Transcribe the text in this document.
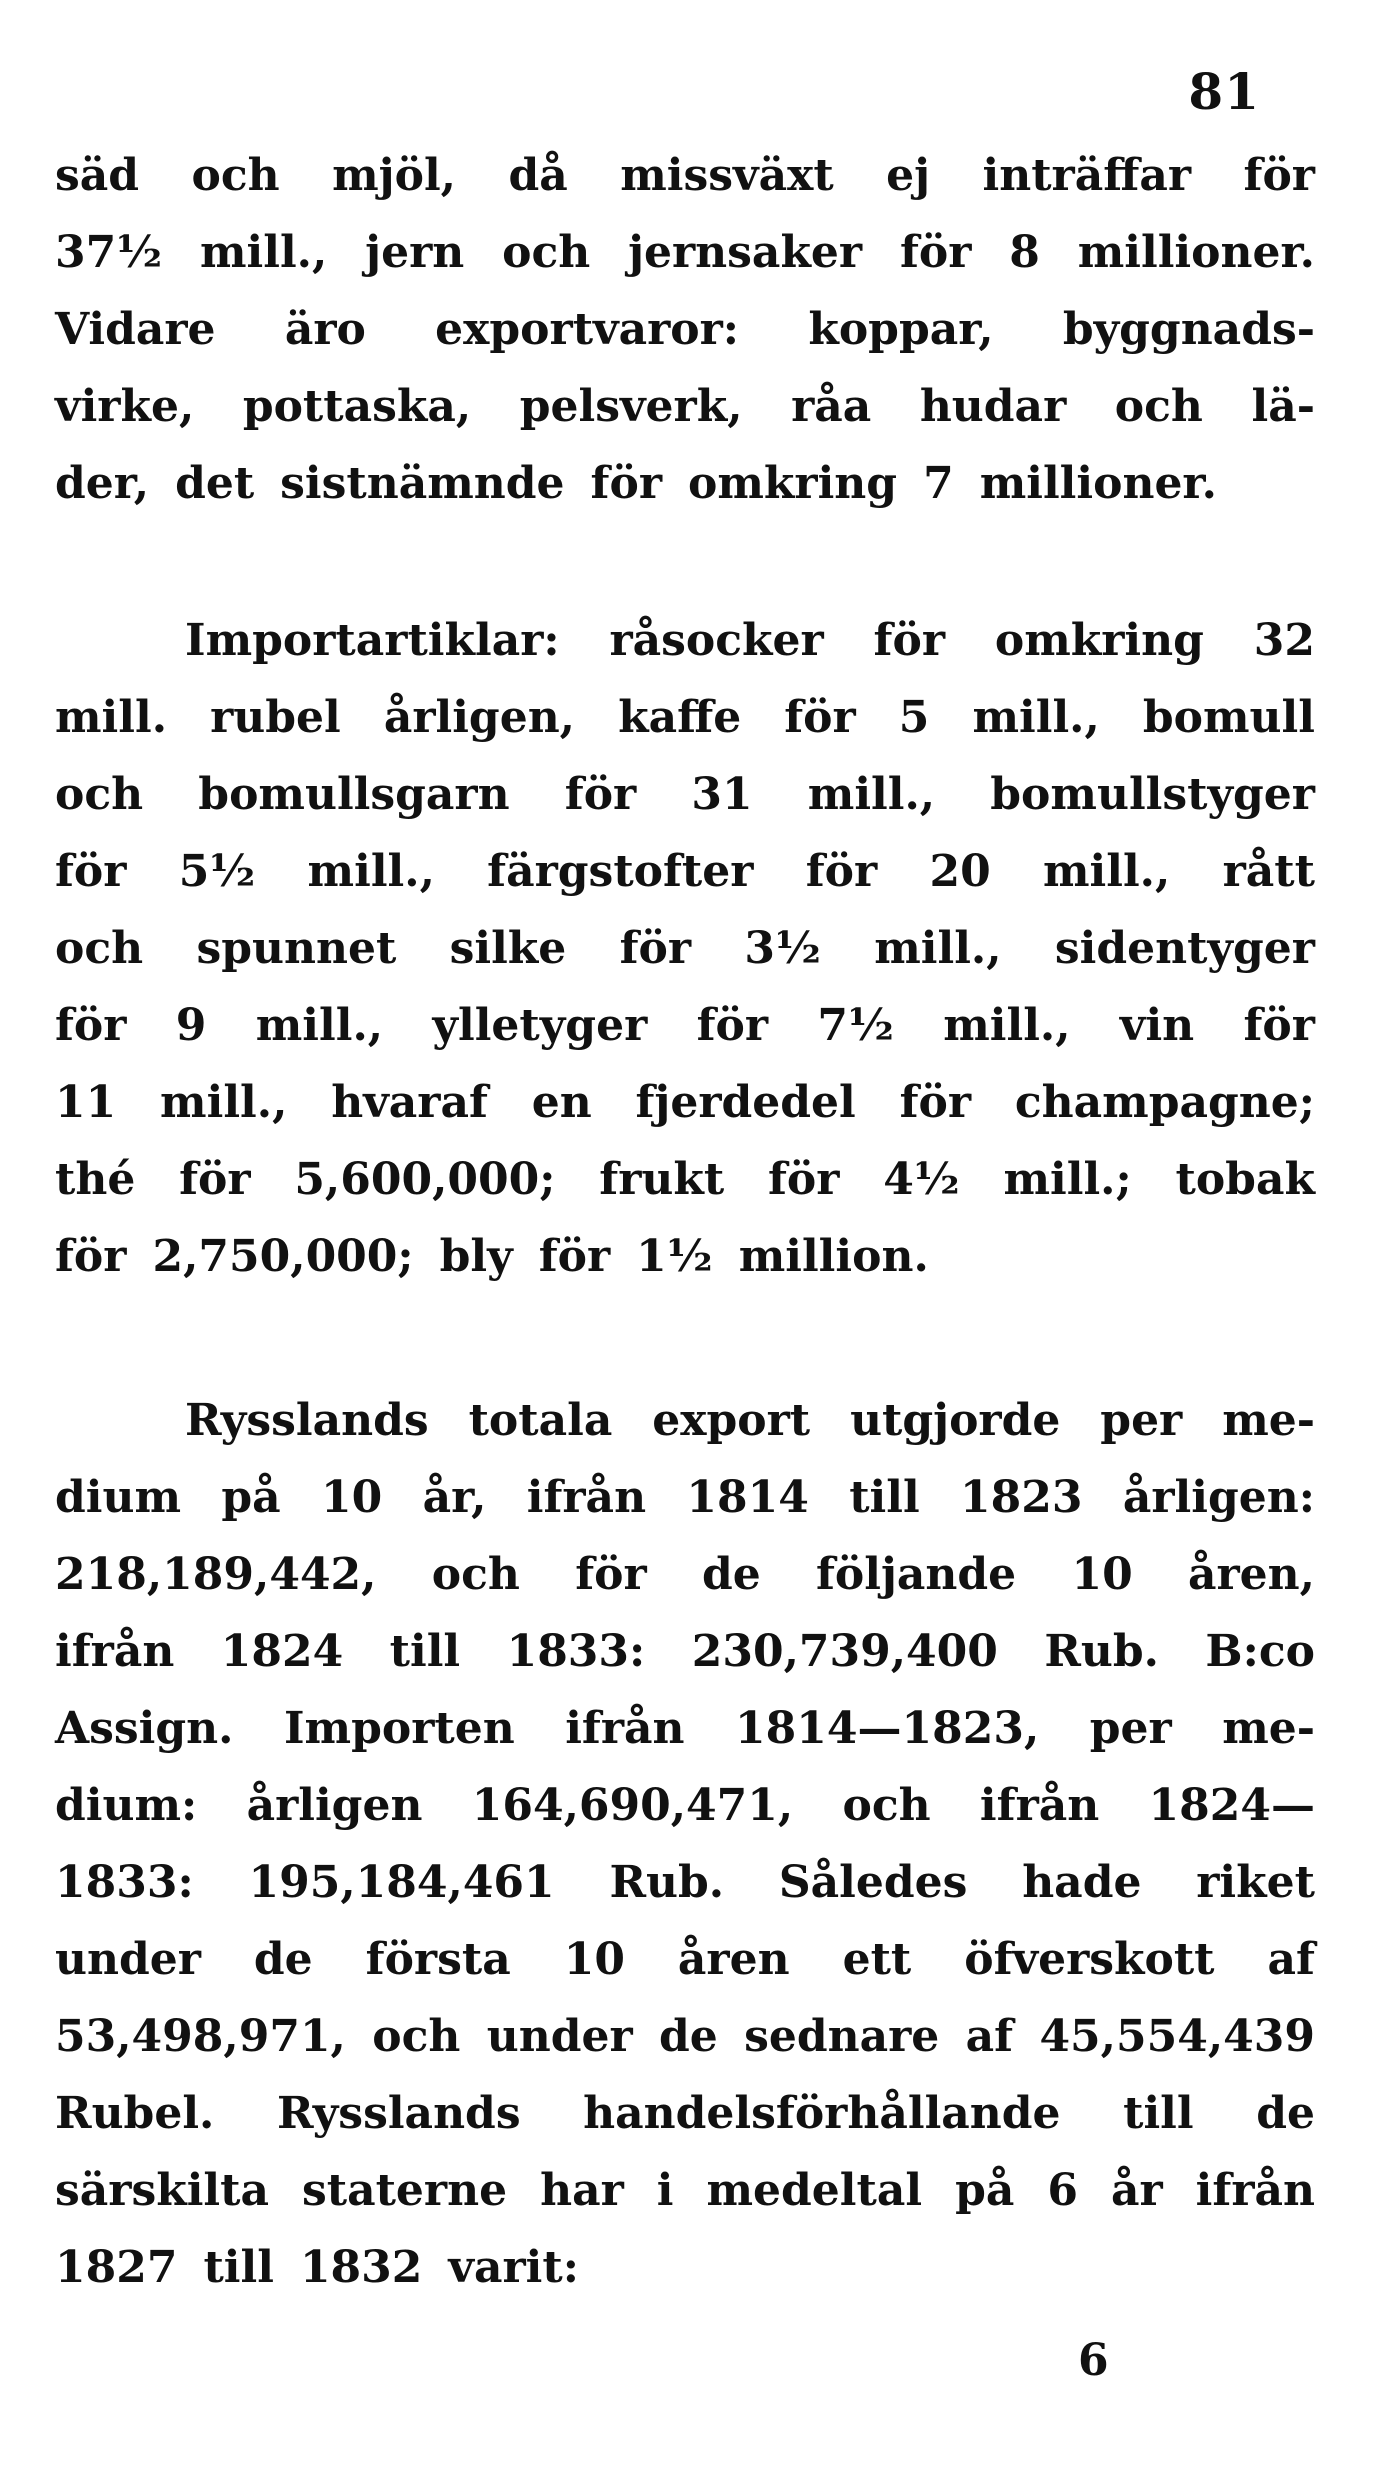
81
säd och mjöl, då missväxt ej inträffar för
37½ mill., jern och jernsaker för 8 millioner.
Vidare äro exportvaror: koppar, byggnads-
virke, pottaska, pelsverk, råa hudar och lä-
der, det sistnämnde för omkring 7 millioner.
Importartiklar: råsocker för omkring 32
mill. rubel årligen, kaffe för 5 mill., bomull
och bomullsgarn för 31 mill., bomullstyger
för 5½ mill., färgstofter för 20 mill., rått
och spunnet silke för 3½ mill., sidentyger
för 9 mill., ylletyger för 7½ mill., vin för
11 mill., hvaraf en fjerdedel för champagne;
thé för 5,600,000; frukt för 4½ mill.; tobak
för 2,750,000; bly för 1½ million.
Rysslands totala export utgjorde per me-
dium på 10 år, ifrån 1814 till 1823 årligen:
218,189,442, och för de följande 10 åren,
ifrån 1824 till 1833: 230,739,400 Rub. B:co
Assign. Importen ifrån 1814—1823, per me-
dium: årligen 164,690,471, och ifrån 1824—
1833: 195,184,461 Rub. Således hade riket
under de första 10 åren ett öfverskott af
53,498,971, och under de sednare af 45,554,439
Rubel. Rysslands handelsförhållande till de
särskilta staterne har i medeltal på 6 år ifrån
1827 till 1832 varit:
6
